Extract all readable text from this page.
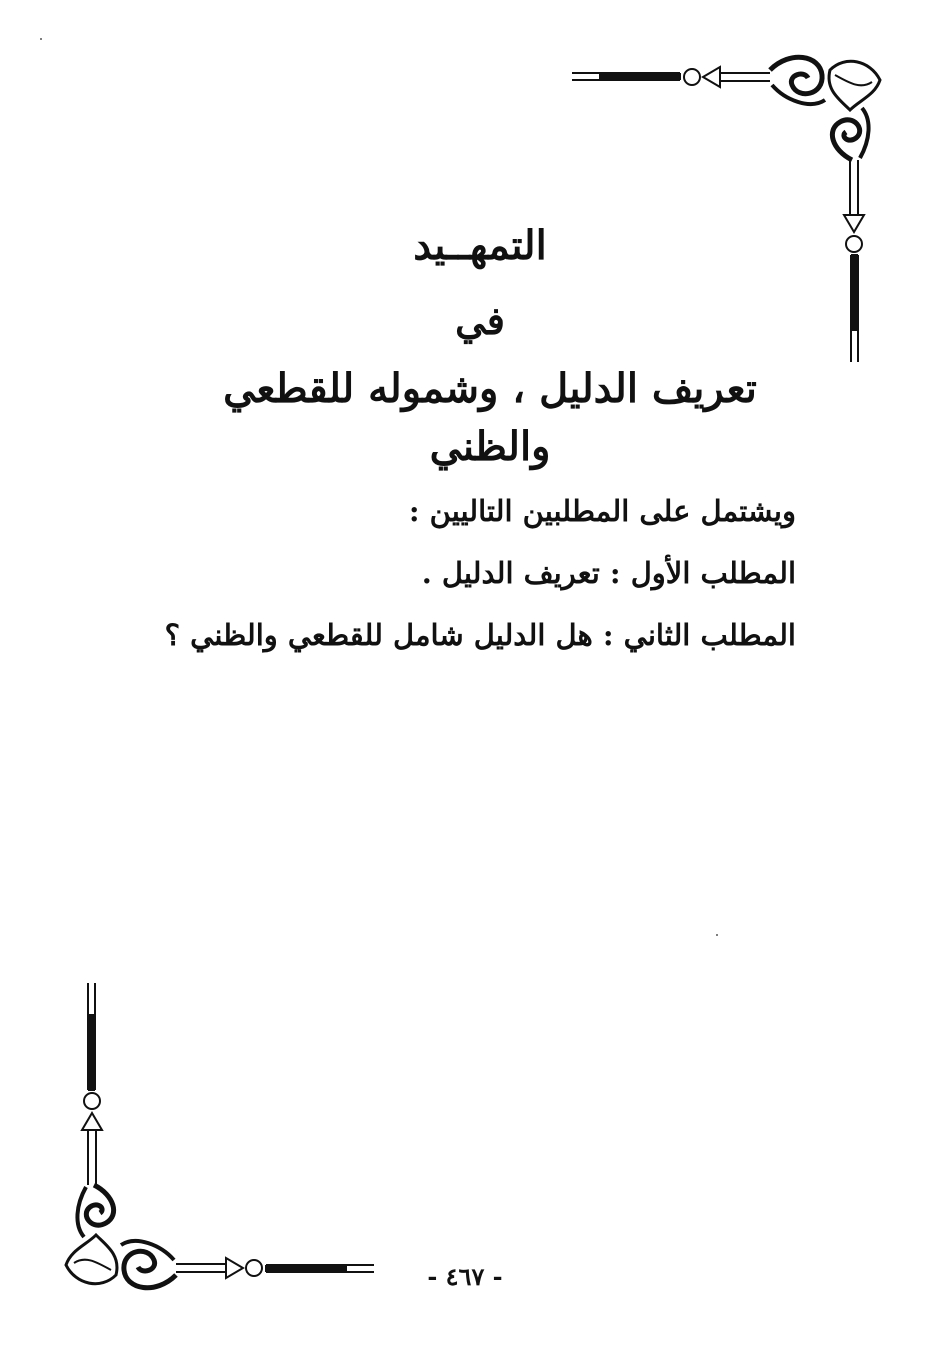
التمهــيد
في
تعريف الدليل ، وشموله للقطعي والظني
ويشتمل على المطلبين التاليين :
المطلب الأول : تعريف الدليل .
المطلب الثاني : هل الدليل شامل للقطعي والظني ؟
- ٤٦٧ -
